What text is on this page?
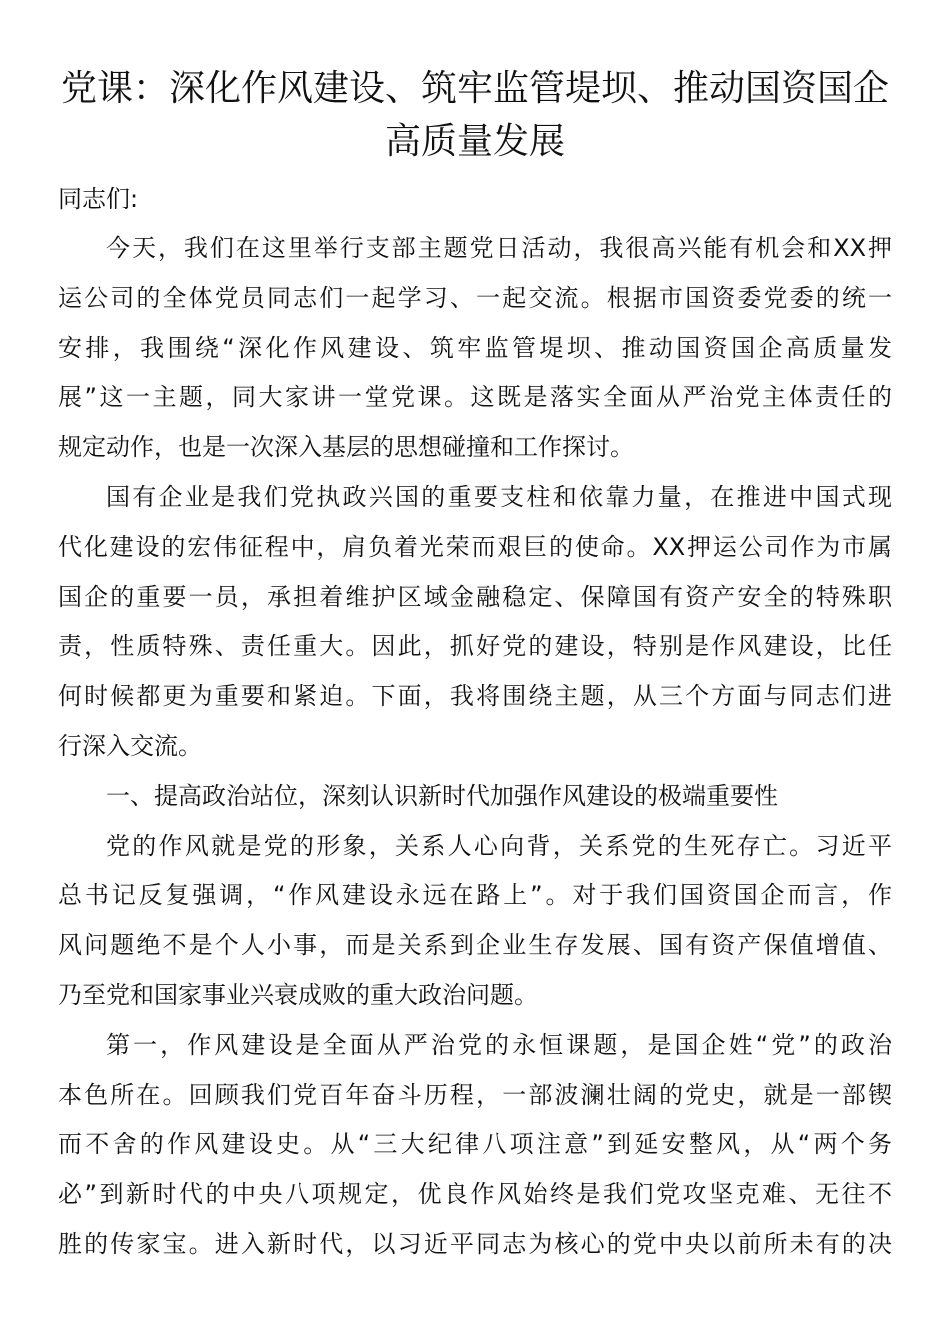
党课：深化作风建设、筑牢监管堤坝、推动国资国企
高质量发展

同志们:

今天，我们在这里举行支部主题党日活动，我很高兴能有机会和XX押
运公司的全体党员同志们一起学习、一起交流。根据市国资委党委的统一
安排，我围绕“深化作风建设、筑牢监管堤坝、推动国资国企高质量发
展”这一主题，同大家讲一堂党课。这既是落实全面从严治党主体责任的
规定动作，也是一次深入基层的思想碰撞和工作探讨。

国有企业是我们党执政兴国的重要支柱和依靠力量，在推进中国式现
代化建设的宏伟征程中，肩负着光荣而艰巨的使命。XX押运公司作为市属
国企的重要一员，承担着维护区域金融稳定、保障国有资产安全的特殊职
责，性质特殊、责任重大。因此，抓好党的建设，特别是作风建设，比任
何时候都更为重要和紧迫。下面，我将围绕主题，从三个方面与同志们进
行深入交流。

一、提高政治站位，深刻认识新时代加强作风建设的极端重要性

党的作风就是党的形象，关系人心向背，关系党的生死存亡。习近平
总书记反复强调，“作风建设永远在路上”。对于我们国资国企而言，作
风问题绝不是个人小事，而是关系到企业生存发展、国有资产保值增值、
乃至党和国家事业兴衰成败的重大政治问题。

第一，作风建设是全面从严治党的永恒课题，是国企姓“党”的政治
本色所在。回顾我们党百年奋斗历程，一部波澜壮阔的党史，就是一部锲
而不舍的作风建设史。从“三大纪律八项注意”到延安整风，从“两个务
必”到新时代的中央八项规定，优良作风始终是我们党攻坚克难、无往不
胜的传家宝。进入新时代，以习近平同志为核心的党中央以前所未有的决
